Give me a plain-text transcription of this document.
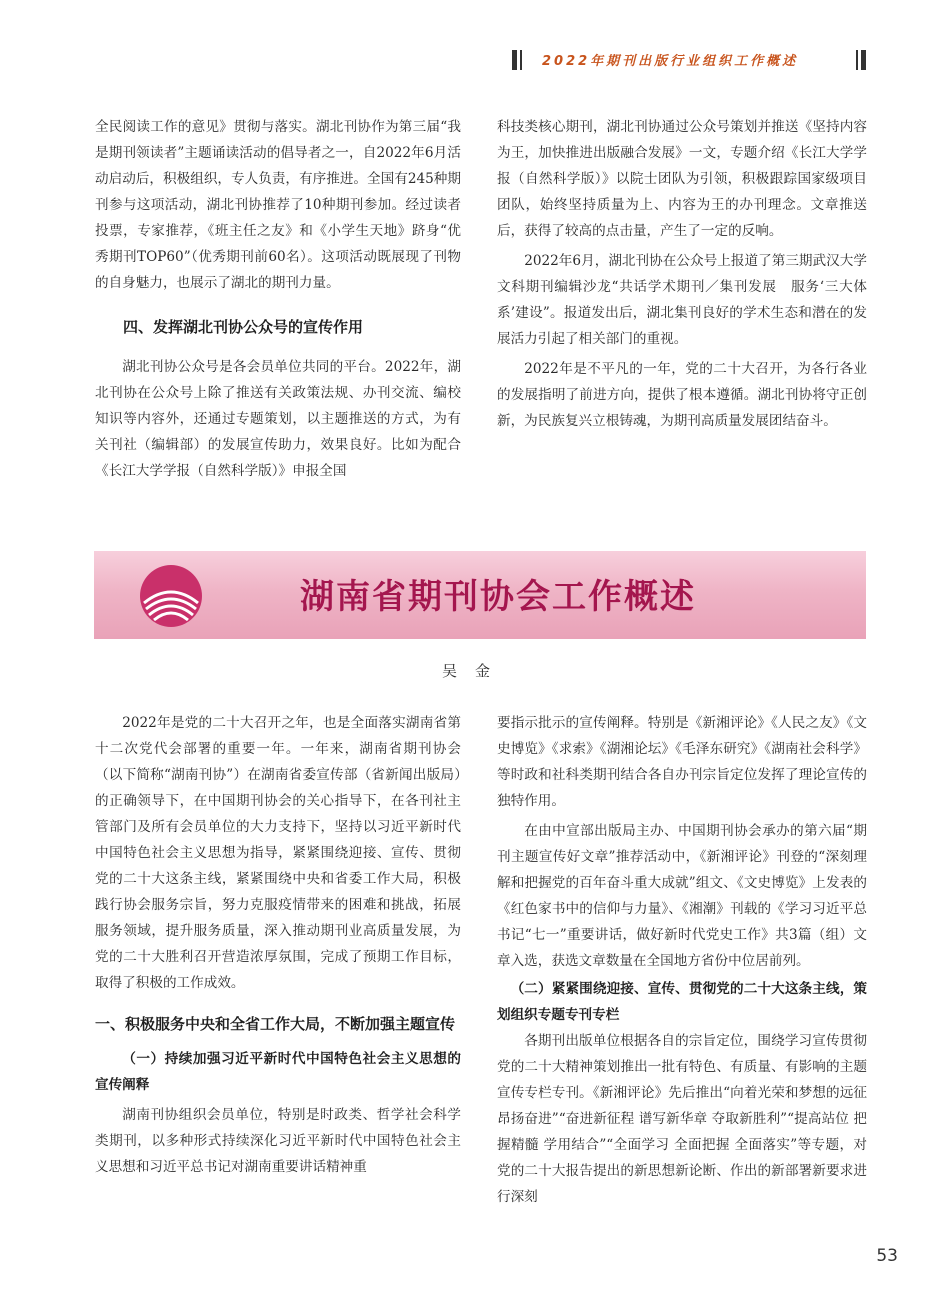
2022年期刊出版行业组织工作概述

全民阅读工作的意见》贯彻与落实。湖北刊协作为第三届“我是期刊领读者”主题诵读活动的倡导者之一，自2022年6月活动启动后，积极组织，专人负责，有序推进。全国有245种期刊参与这项活动，湖北刊协推荐了10种期刊参加。经过读者投票，专家推荐，《班主任之友》和《小学生天地》跻身“优秀期刊TOP60”（优秀期刊前60名）。这项活动既展现了刊物的自身魅力，也展示了湖北的期刊力量。

四、发挥湖北刊协公众号的宣传作用

湖北刊协公众号是各会员单位共同的平台。2022年，湖北刊协在公众号上除了推送有关政策法规、办刊交流、编校知识等内容外，还通过专题策划，以主题推送的方式，为有关刊社（编辑部）的发展宣传助力，效果良好。比如为配合《长江大学学报（自然科学版）》申报全国

科技类核心期刊，湖北刊协通过公众号策划并推送《坚持内容为王，加快推进出版融合发展》一文，专题介绍《长江大学学报（自然科学版）》以院士团队为引领，积极跟踪国家级项目团队，始终坚持质量为上、内容为王的办刊理念。文章推送后，获得了较高的点击量，产生了一定的反响。

2022年6月，湖北刊协在公众号上报道了第三期武汉大学文科期刊编辑沙龙“共话学术期刊／集刊发展　服务‘三大体系’建设”。报道发出后，湖北集刊良好的学术生态和潜在的发展活力引起了相关部门的重视。

2022年是不平凡的一年，党的二十大召开，为各行各业的发展指明了前进方向，提供了根本遵循。湖北刊协将守正创新，为民族复兴立根铸魂，为期刊高质量发展团结奋斗。

湖南省期刊协会工作概述
吴金

2022年是党的二十大召开之年，也是全面落实湖南省第十二次党代会部署的重要一年。一年来，湖南省期刊协会（以下简称“湖南刊协”）在湖南省委宣传部（省新闻出版局）的正确领导下，在中国期刊协会的关心指导下，在各刊社主管部门及所有会员单位的大力支持下，坚持以习近平新时代中国特色社会主义思想为指导，紧紧围绕迎接、宣传、贯彻党的二十大这条主线，紧紧围绕中央和省委工作大局，积极践行协会服务宗旨，努力克服疫情带来的困难和挑战，拓展服务领域，提升服务质量，深入推动期刊业高质量发展，为党的二十大胜利召开营造浓厚氛围，完成了预期工作目标，取得了积极的工作成效。

一、积极服务中央和全省工作大局，不断加强主题宣传
（一）持续加强习近平新时代中国特色社会主义思想的宣传阐释

湖南刊协组织会员单位，特别是时政类、哲学社会科学类期刊，以多种形式持续深化习近平新时代中国特色社会主义思想和习近平总书记对湖南重要讲话精神重

要指示批示的宣传阐释。特别是《新湘评论》《人民之友》《文史博览》《求索》《湖湘论坛》《毛泽东研究》《湖南社会科学》等时政和社科类期刊结合各自办刊宗旨定位发挥了理论宣传的独特作用。

在由中宣部出版局主办、中国期刊协会承办的第六届“期刊主题宣传好文章”推荐活动中，《新湘评论》刊登的“深刻理解和把握党的百年奋斗重大成就”组文、《文史博览》上发表的《红色家书中的信仰与力量》、《湘潮》刊载的《学习习近平总书记“七一”重要讲话，做好新时代党史工作》共3篇（组）文章入选，获选文章数量在全国地方省份中位居前列。

（二）紧紧围绕迎接、宣传、贯彻党的二十大这条主线，策划组织专题专刊专栏

各期刊出版单位根据各自的宗旨定位，围绕学习宣传贯彻党的二十大精神策划推出一批有特色、有质量、有影响的主题宣传专栏专刊。《新湘评论》先后推出“向着光荣和梦想的远征昂扬奋进”“奋进新征程 谱写新华章 夺取新胜利”“提高站位 把握精髓 学用结合”“全面学习 全面把握 全面落实”等专题，对党的二十大报告提出的新思想新论断、作出的新部署新要求进行深刻

53
